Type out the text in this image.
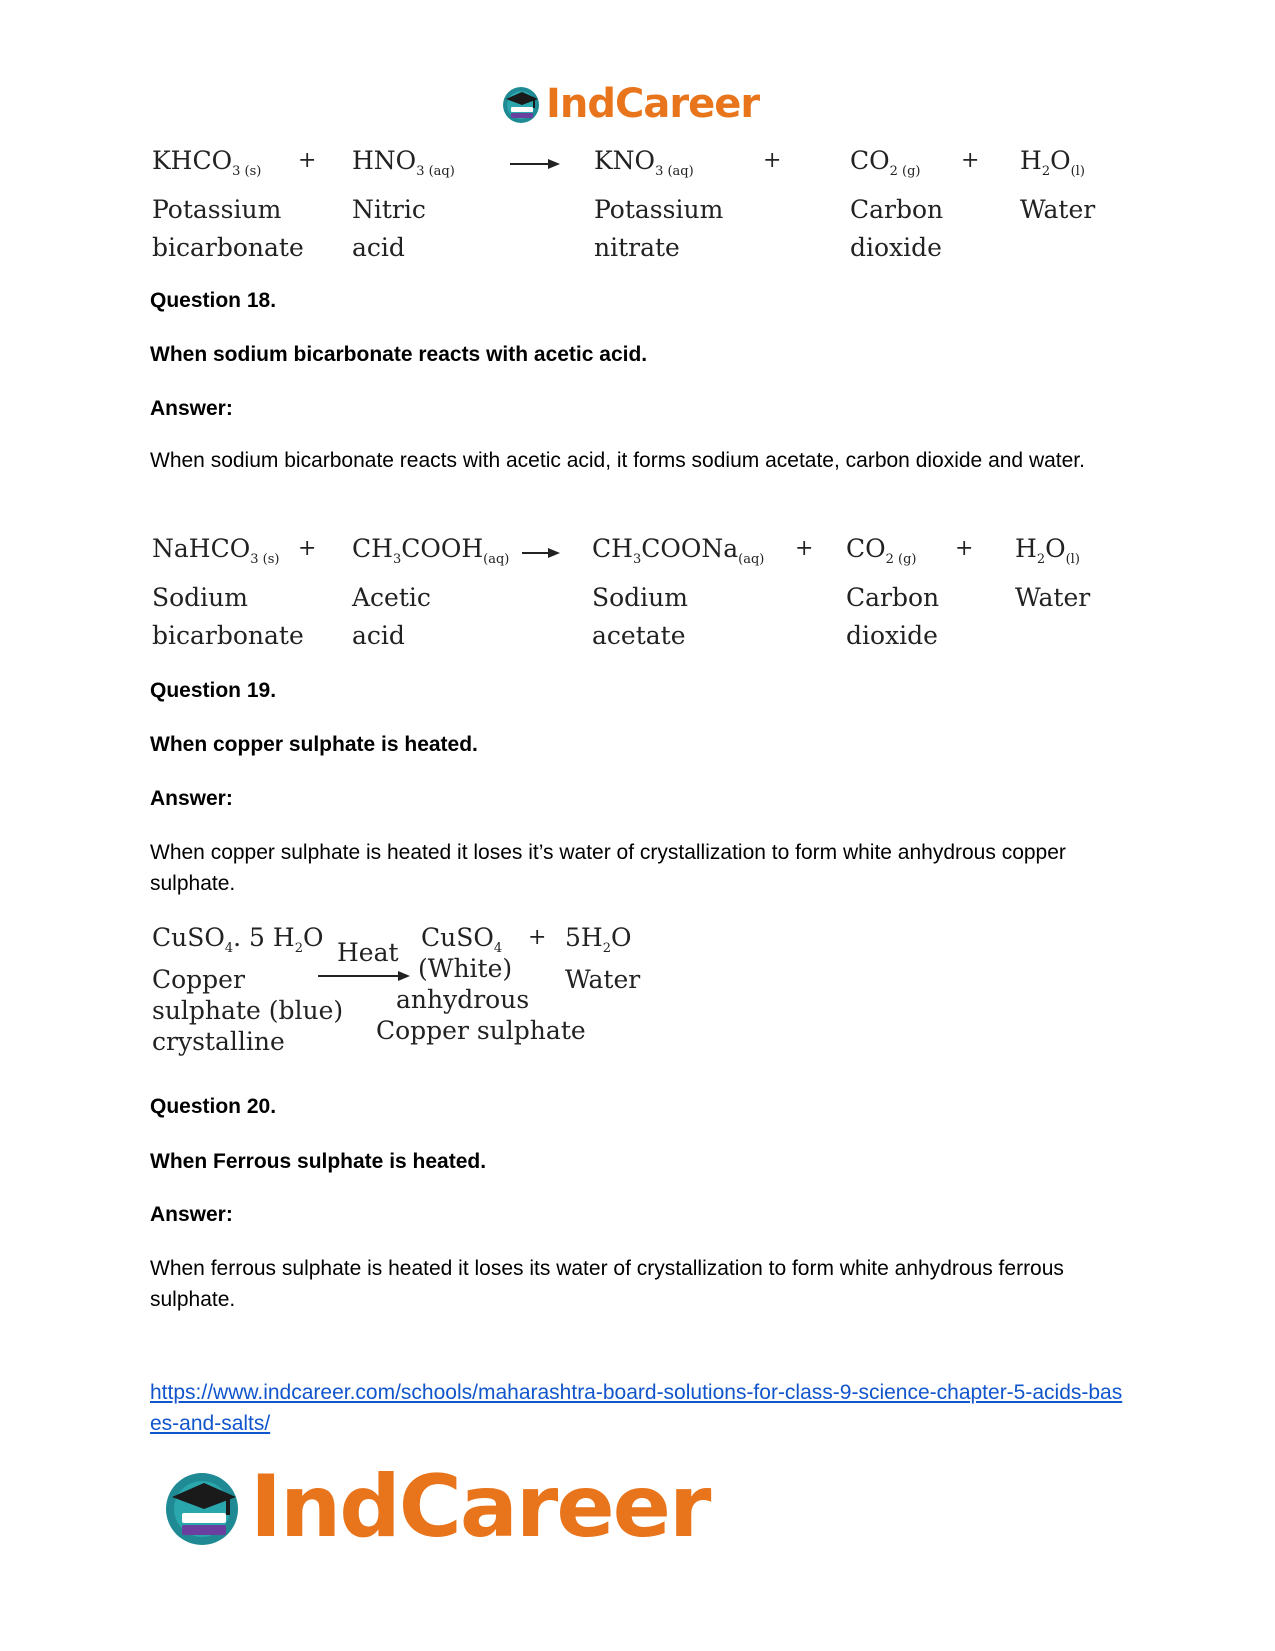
IndCareer
$KHCO_{3 (s)}$
Potassium
bicarbonate
+ $HNO_{3 (aq)}$
Nitric
acid
$KNO_{3 (aq)}$
Potassium
nitrate
+	$CO_{2 (g)}$
Carbon
dioxide
+ $H_2O_{(l)}$
Water
Question 18.
When sodium bicarbonate reacts with acetic acid.
Answer:
When sodium bicarbonate reacts with acetic acid, it forms sodium acetate, carbon dioxide and water.
NaHCO$_{3 (s)}$
Sodium
bicarbonate
+ $CH_3COOH_{(aq)}$
Acetic
acid
$CH_3COONa_{(aq)}$
Sodium
acetate
+ $CO_{2 (g)}$
Carbon
dioxide
+ $H_2O_{(l)}$
Water
Question 19.
When copper sulphate is heated.
Answer:
When copper sulphate is heated it loses it’s water of crystallization to form white anhydrous copper sulphate.
CuSO$_4$. 5 $H_2O$
Copper
sulphate (blue)
crystalline
Heat
CuSO$_4$
(White)
anhydrous
Copper sulphate
+ $5H_2O$
Water
Question 20.
When Ferrous sulphate is heated.
Answer:
When ferrous sulphate is heated it loses its water of crystallization to form white anhydrous ferrous sulphate.
https://www.indcareer.com/schools/maharashtra-board-solutions-for-class-9-science-chapter-5-acids-bases-and-salts/
IndCareer
